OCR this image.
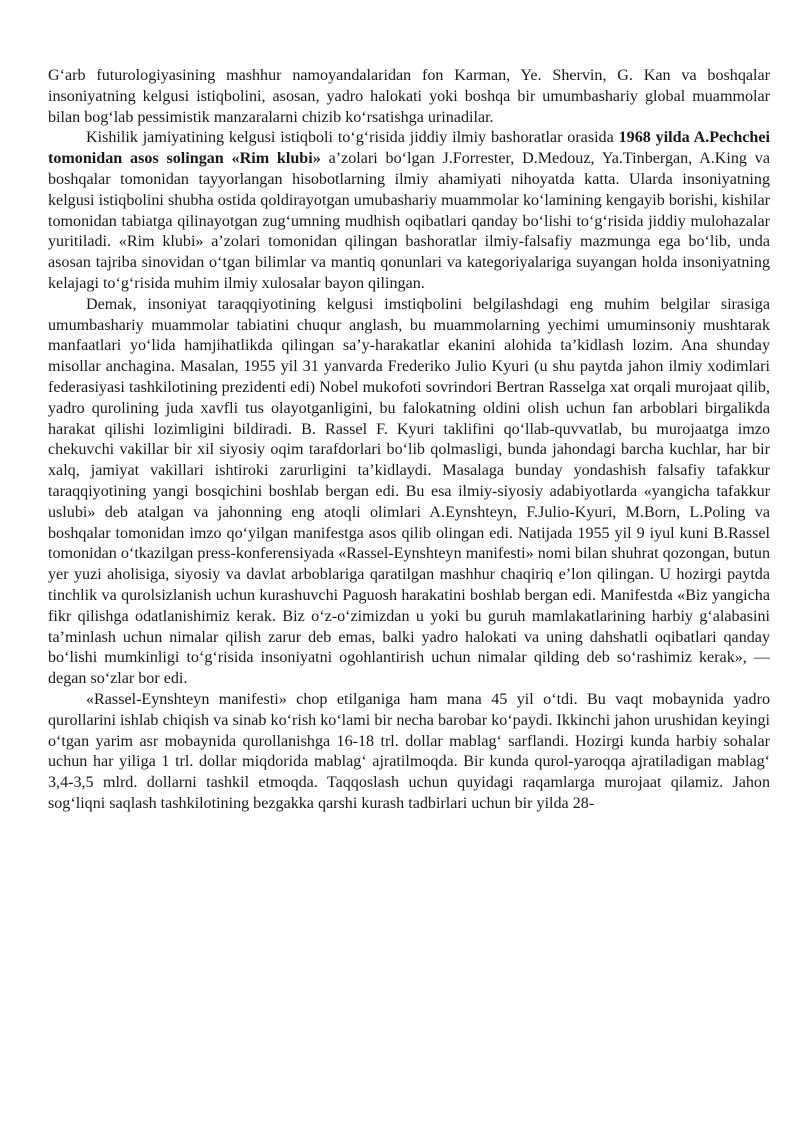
G‘arb futurologiyasining mashhur namoyandalaridan fon Karman, Ye. Shervin, G. Kan va boshqalar insoniyatning kelgusi istiqbolini, asosan, yadro halokati yoki boshqa bir umumbashariy global muammolar bilan bog‘lab pessimistik manzaralarni chizib ko‘rsatishga urinadilar.

Kishilik jamiyatining kelgusi istiqboli to‘g‘risida jiddiy ilmiy bashoratlar orasida 1968 yilda A.Pechchei tomonidan asos solingan «Rim klubi» a’zolari bo‘lgan J.Forrester, D.Medouz, Ya.Tinbergan, A.King va boshqalar tomonidan tayyorlangan hisobotlarning ilmiy ahamiyati nihoyatda katta. Ularda insoniyatning kelgusi istiqbolini shubha ostida qoldirayotgan umubashariy muammolar ko‘lamining kengayib borishi, kishilar tomonidan tabiatga qilinayotgan zug‘umning mudhish oqibatlari qanday bo‘lishi to‘g‘risida jiddiy mulohazalar yuritiladi. «Rim klubi» a’zolari tomonidan qilingan bashoratlar ilmiy-falsafiy mazmunga ega bo‘lib, unda asosan tajriba sinovidan o‘tgan bilimlar va mantiq qonunlari va kategoriyalariga suyangan holda insoniyatning kelajagi to‘g‘risida muhim ilmiy xulosalar bayon qilingan.

Demak, insoniyat taraqqiyotining kelgusi imstiqbolini belgilashdagi eng muhim belgilar sirasiga umumbashariy muammolar tabiatini chuqur anglash, bu muammolarning yechimi umuminsoniy mushtarak manfaatlari yo‘lida hamjihatlikda qilingan sa’y-harakatlar ekanini alohida ta’kidlash lozim. Ana shunday misollar anchagina. Masalan, 1955 yil 31 yanvarda Frederiko Julio Kyuri (u shu paytda jahon ilmiy xodimlari federasiyasi tashkilotining prezidenti edi) Nobel mukofoti sovrindori Bertran Rasselga xat orqali murojaat qilib, yadro qurolining juda xavfli tus olayotganligini, bu falokatning oldini olish uchun fan arboblari birgalikda harakat qilishi lozimligini bildiradi. B. Rassel F. Kyuri taklifini qo‘llab-quvvatlab, bu murojaatga imzo chekuvchi vakillar bir xil siyosiy oqim tarafdorlari bo‘lib qolmasligi, bunda jahondagi barcha kuchlar, har bir xalq, jamiyat vakillari ishtiroki zarurligini ta’kidlaydi. Masalaga bunday yondashish falsafiy tafakkur taraqqiyotining yangi bosqichini boshlab bergan edi. Bu esa ilmiy-siyosiy adabiyotlarda «yangicha tafakkur uslubi» deb atalgan va jahonning eng atoqli olimlari A.Eynshteyn, F.Julio-Kyuri, M.Born, L.Poling va boshqalar tomonidan imzo qo‘yilgan manifestga asos qilib olingan edi. Natijada 1955 yil 9 iyul kuni B.Rassel tomonidan o‘tkazilgan press-konferensiyada «Rassel-Eynshteyn manifesti» nomi bilan shuhrat qozongan, butun yer yuzi aholisiga, siyosiy va davlat arboblariga qaratilgan mashhur chaqiriq e’lon qilingan. U hozirgi paytda tinchlik va qurolsizlanish uchun kurashuvchi Paguosh harakatini boshlab bergan edi. Manifestda «Biz yangicha fikr qilishga odatlanishimiz kerak. Biz o‘z-o‘zimizdan u yoki bu guruh mamlakatlarining harbiy g‘alabasini ta’minlash uchun nimalar qilish zarur deb emas, balki yadro halokati va uning dahshatli oqibatlari qanday bo‘lishi mumkinligi to‘g‘risida insoniyatni ogohlantirish uchun nimalar qilding deb so‘rashimiz kerak», — degan so‘zlar bor edi.

«Rassel-Eynshteyn manifesti» chop etilganiga ham mana 45 yil o‘tdi. Bu vaqt mobaynida yadro qurollarini ishlab chiqish va sinab ko‘rish ko‘lami bir necha barobar ko‘paydi. Ikkinchi jahon urushidan keyingi o‘tgan yarim asr mobaynida qurollanishga 16-18 trl. dollar mablag‘ sarflandi. Hozirgi kunda harbiy sohalar uchun har yiliga 1 trl. dollar miqdorida mablag‘ ajratilmoqda. Bir kunda qurol-yaroqqa ajratiladigan mablag‘ 3,4-3,5 mlrd. dollarni tashkil etmoqda. Taqqoslash uchun quyidagi raqamlarga murojaat qilamiz. Jahon sog‘liqni saqlash tashkilotining bezgakka qarshi kurash tadbirlari uchun bir yilda 28-
